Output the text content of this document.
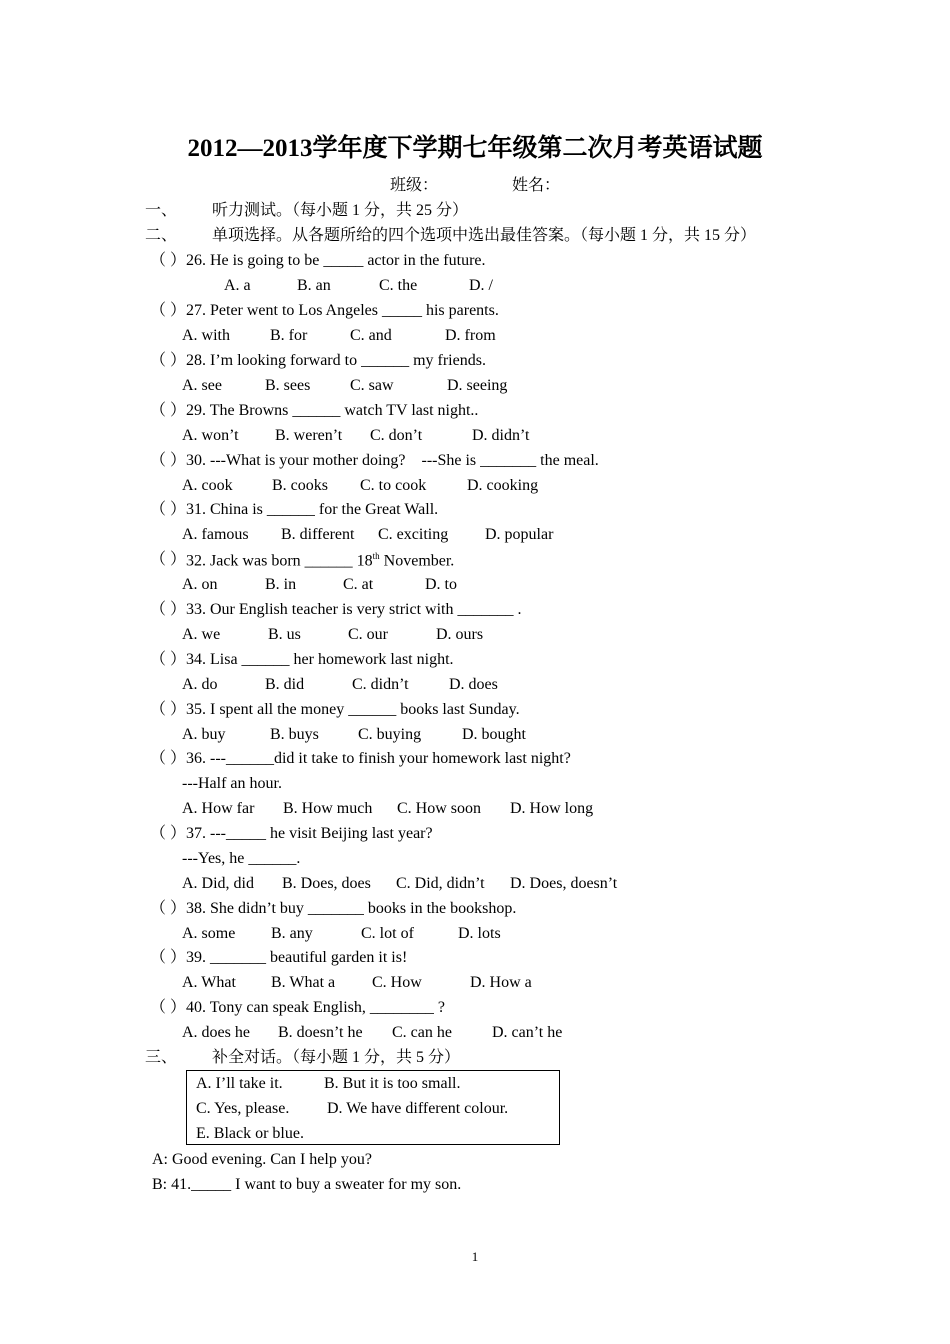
2012—2013学年度下学期七年级第二次月考英语试题
班级：	姓名：
一、 听力测试。（每小题 1 分，共 25 分）
二、 单项选择。从各题所给的四个选项中选出最佳答案。（每小题 1 分，共 15 分）
（ ） 26. He is going to be _____ actor in the future.
A. a	B. an	C. the	D. /
（ ） 27. Peter went to Los Angeles _____ his parents.
A. with	B. for	C. and	D. from
（ ） 28. I’m looking forward to ______ my friends.
A. see	B. sees C. saw	D. seeing
（ ） 29. The Browns ______ watch TV last night..
A. won’t B. weren’t C. don’t	D. didn’t
（ ） 30. ---What is your mother doing?    ---She is _______ the meal.
A. cook B. cooks C. to cook	D. cooking
（ ） 31. China is ______ for the Great Wall.
A. famous B. different C. exciting D. popular
（ ） 32. Jack was born ______ 18th November.
A. on	B. in	C. at	D. to
（ ） 33. Our English teacher is very strict with _______ .
A. we	B. us	C. our	D. ours
（ ） 34. Lisa ______ her homework last night.
A. do	B. did	C. didn’t	D. does
（ ） 35. I spent all the money ______ books last Sunday.
A. buy	B. buys C. buying	D. bought
（ ） 36. ---______did it take to finish your homework last night?
---Half an hour.
A. How far B. How much C. How soon D. How long
（ ） 37. ---_____ he visit Beijing last year?
---Yes, he ______.
A. Did, did B. Does, does C. Did, didn’t D. Does, doesn’t
（ ） 38. She didn’t buy _______ books in the bookshop.
A. some B. any	C. lot of	D. lots
（ ） 39. _______ beautiful garden it is!
A. What B. What a C. How	D. How a
（ ） 40. Tony can speak English, ________ ?
A. does he B. doesn’t he C. can he	D. can’t he
三、 补全对话。（每小题 1 分，共 5 分）
A. I’ll take it.	B. But it is too small.
C. Yes, please. D. We have different colour.
E. Black or blue.
A: Good evening. Can I help you?
B: 41._____ I want to buy a sweater for my son.
1
